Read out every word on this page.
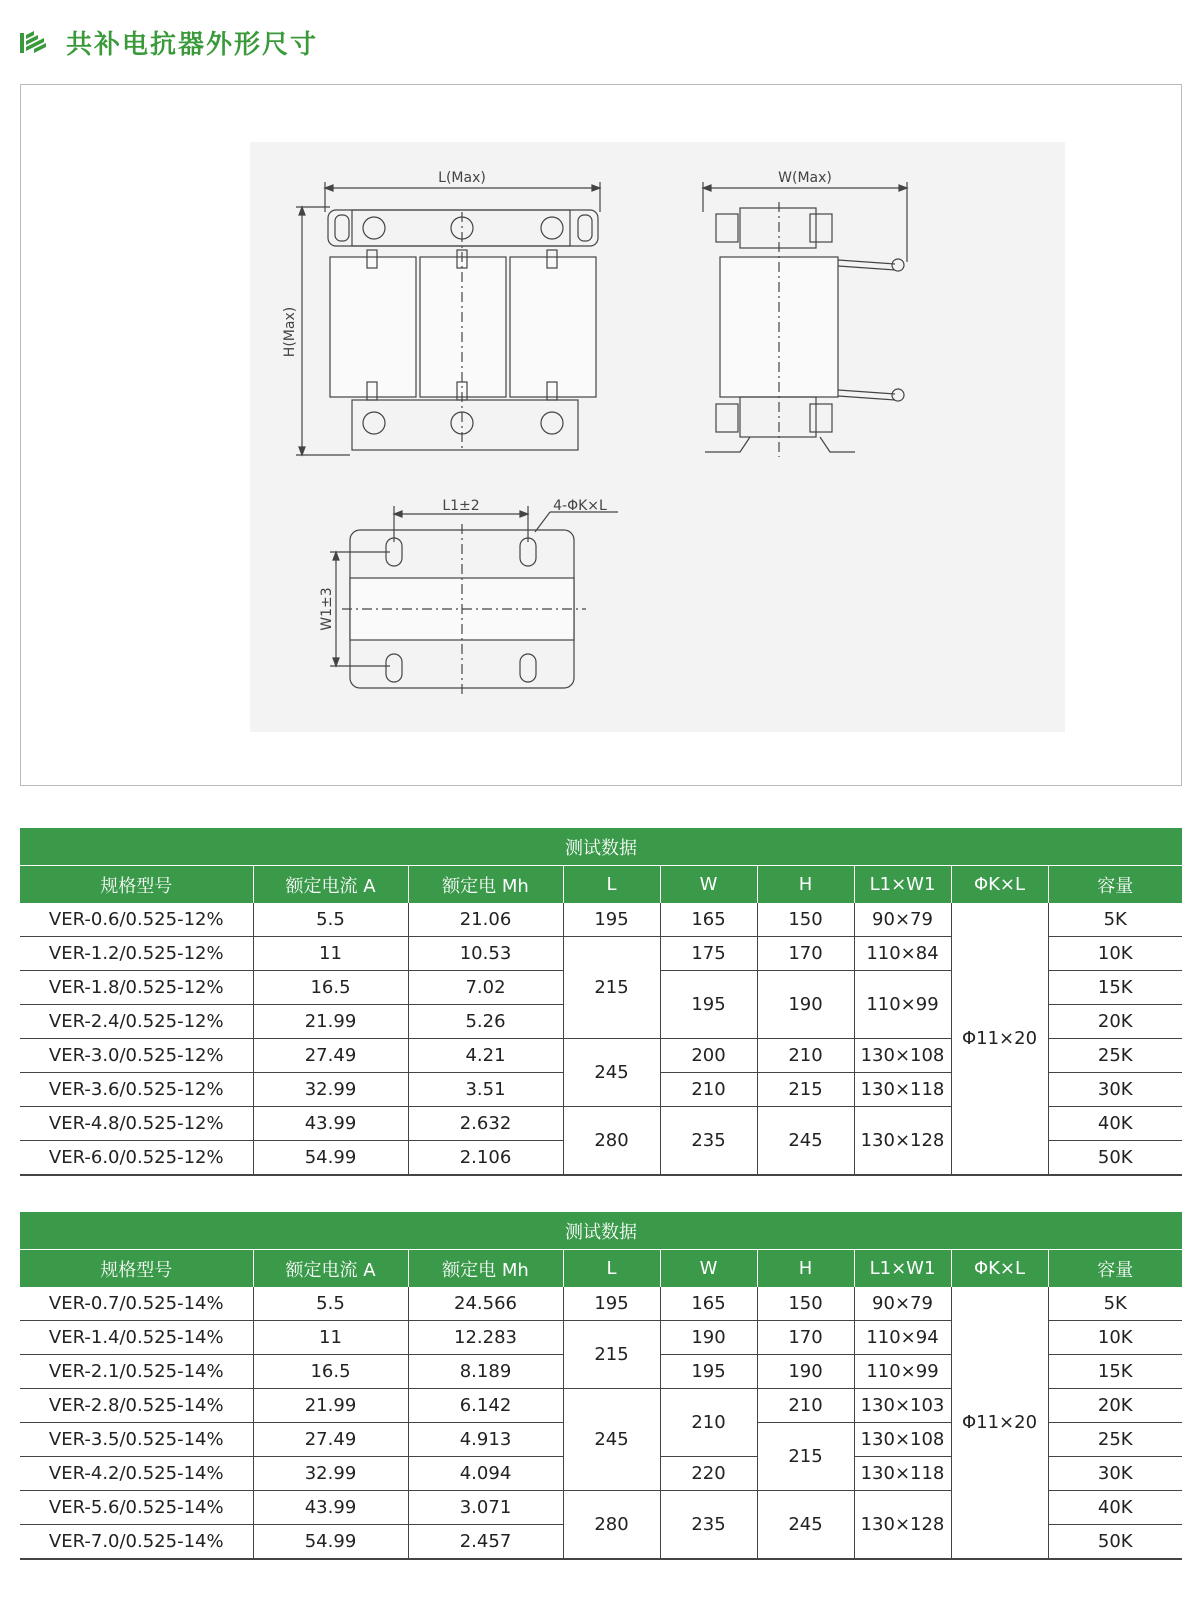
共补电抗器外形尺寸
L(Max)
H(Max)
W(Max)
L1±2	4-ΦK×L
W1±3
测试数据								
规格型号	额定电流 A	额定电 Mh	L	W	H	L1×W1	ΦK×L	容量
VER-0.6/0.525-12%	5.5	21.06	195	165	150	90×79	Φ11×20	5K
VER-1.2/0.525-12%	11	10.53	215	175	170	110×84		10K
VER-1.8/0.525-12%	16.5	7.02		195	190	110×99		15K
VER-2.4/0.525-12%	21.99	5.26						20K
VER-3.0/0.525-12%	27.49	4.21	245	200	210	130×108		25K
VER-3.6/0.525-12%	32.99	3.51		210	215	130×118		30K
VER-4.8/0.525-12%	43.99	2.632	280	235	245	130×128		40K
VER-6.0/0.525-12%	54.99	2.106						50K
测试数据								
规格型号	额定电流 A	额定电 Mh	L	W	H	L1×W1	ΦK×L	容量
VER-0.7/0.525-14%	5.5	24.566	195	165	150	90×79	Φ11×20	5K
VER-1.4/0.525-14%	11	12.283	215	190	170	110×94		10K
VER-2.1/0.525-14%	16.5	8.189		195	190	110×99		15K
VER-2.8/0.525-14%	21.99	6.142	245	210	210	130×103		20K
VER-3.5/0.525-14%	27.49	4.913			215	130×108		25K
VER-4.2/0.525-14%	32.99	4.094		220		130×118		30K
VER-5.6/0.525-14%	43.99	3.071	280	235	245	130×128		40K
VER-7.0/0.525-14%	54.99	2.457						50K
